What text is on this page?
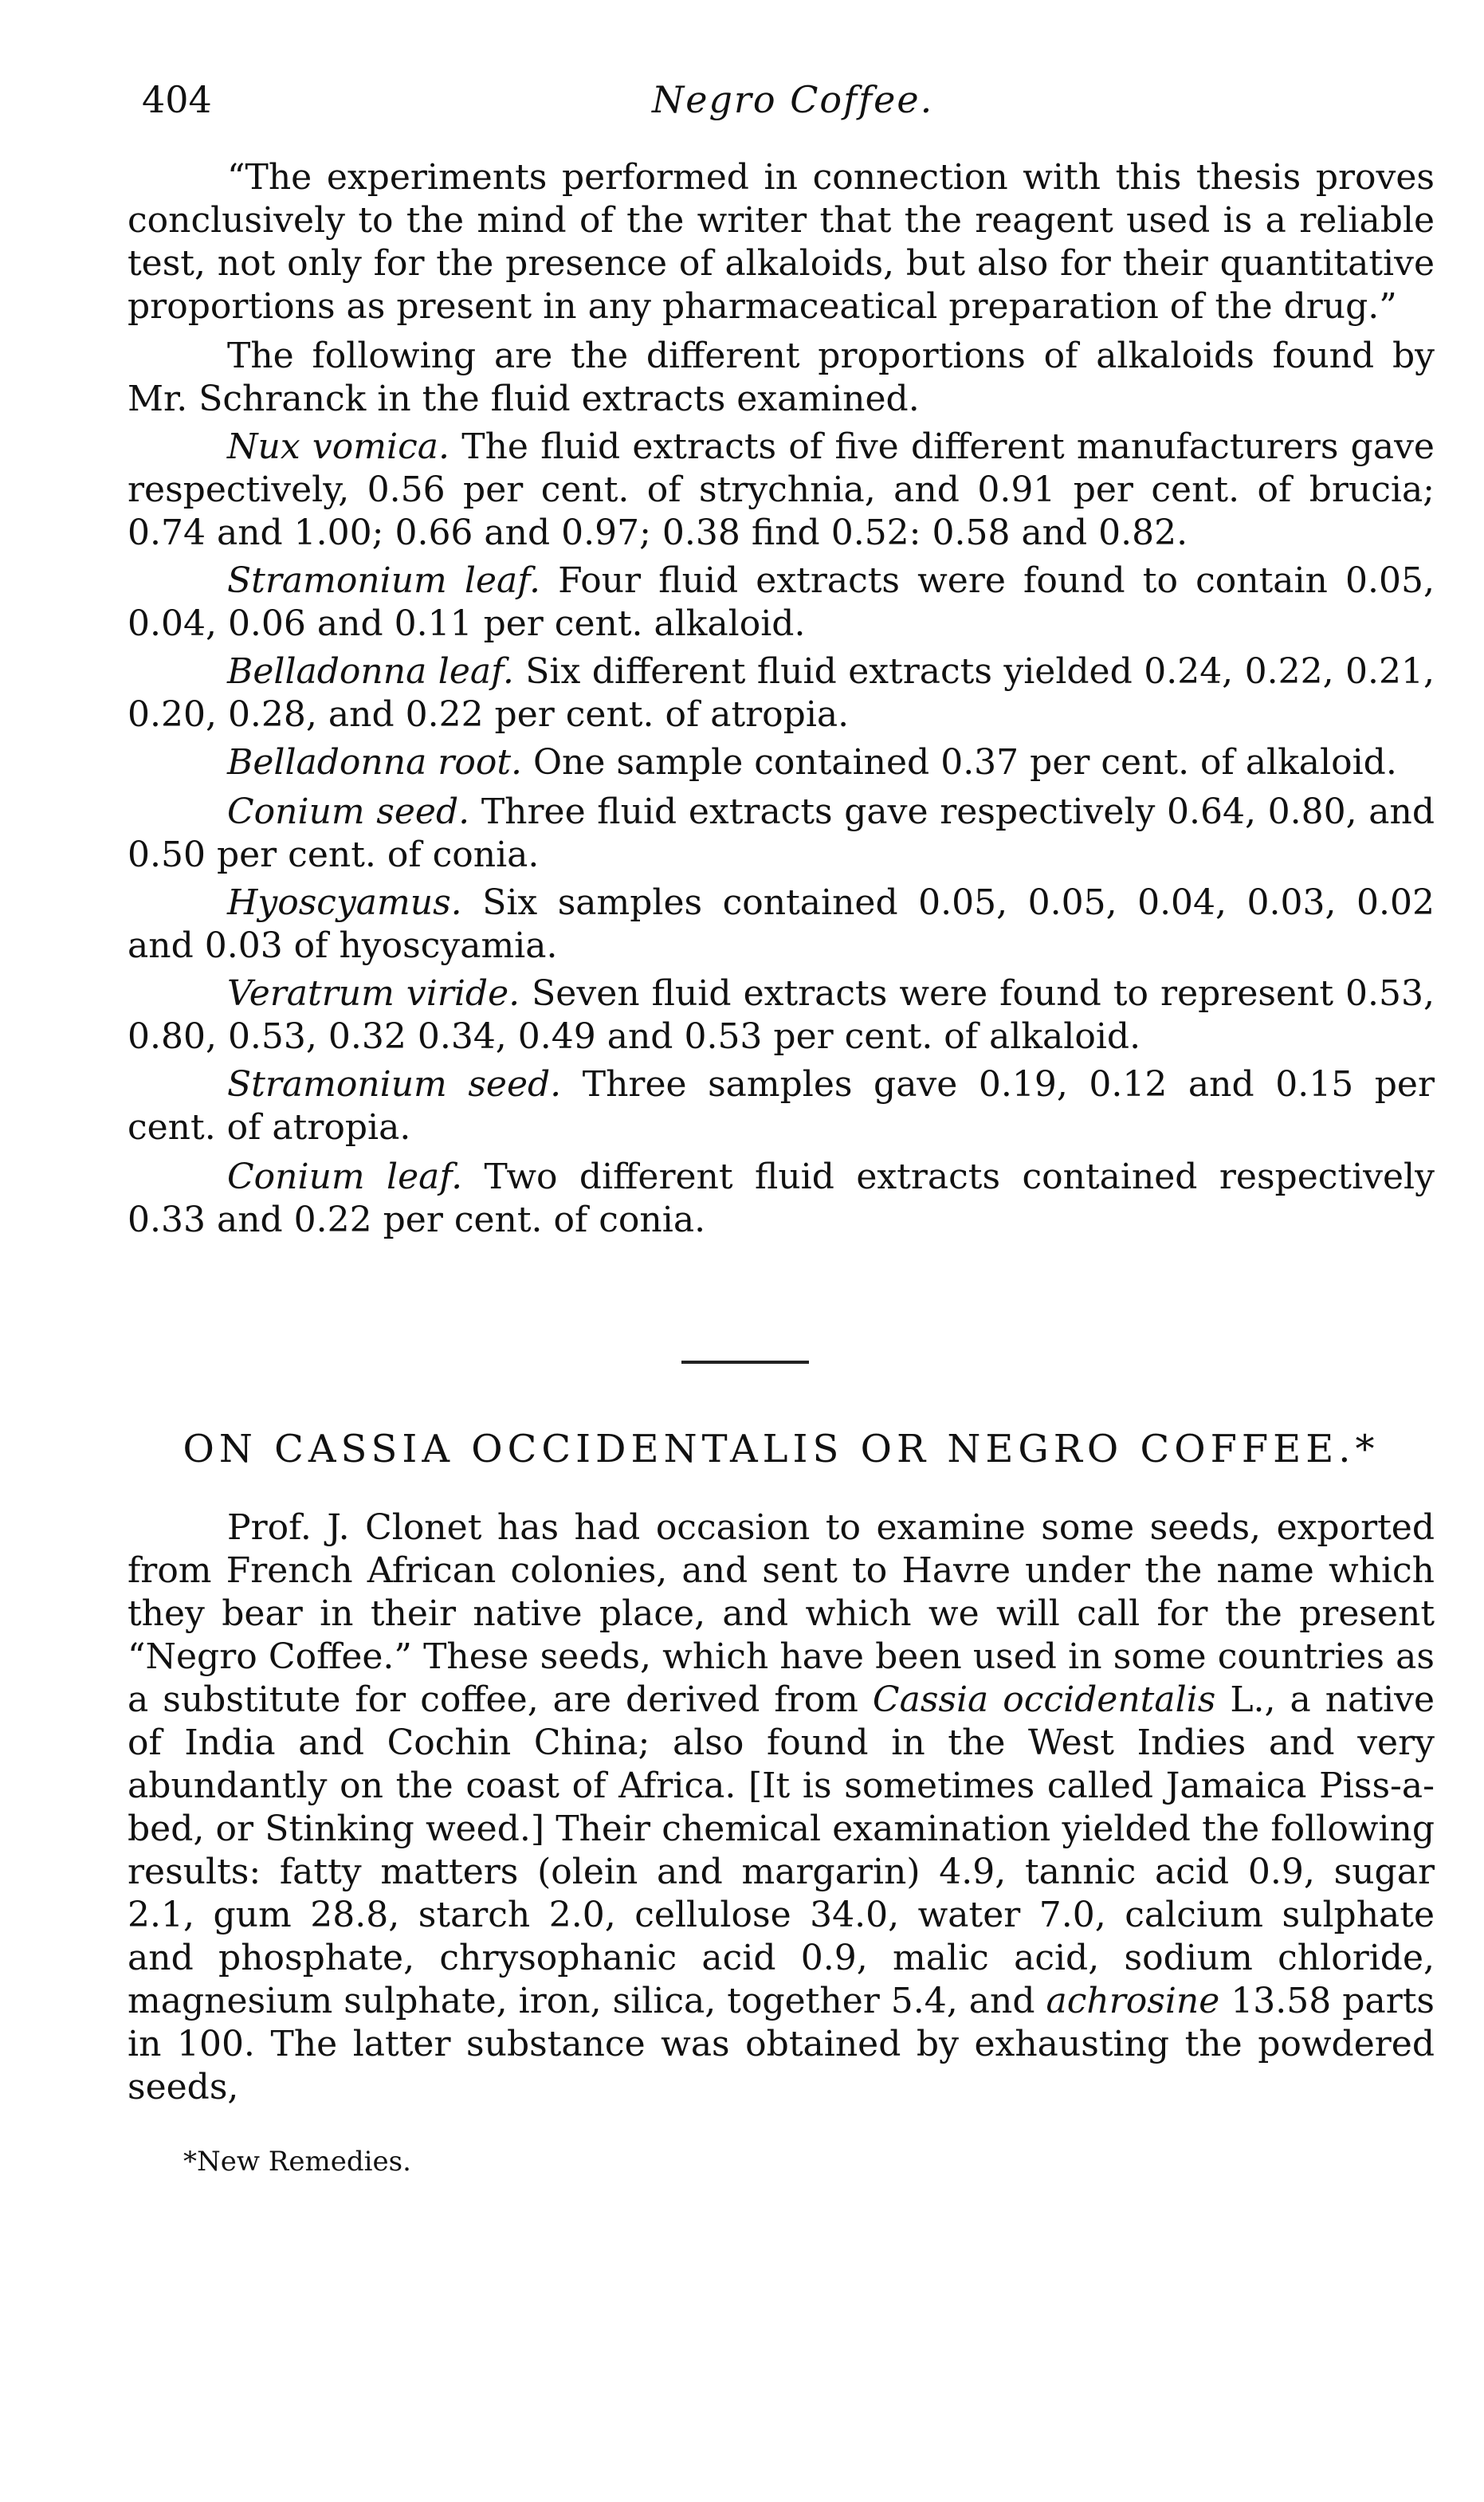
404	Negro Coffee.

“The experiments performed in connection with this thesis proves conclusively to the mind of the writer that the reagent used is a reliable test, not only for the presence of alkaloids, but also for their quantitative proportions as present in any pharmaceatical preparation of the drug.”

The following are the different proportions of alkaloids found by Mr. Schranck in the fluid extracts examined.

Nux vomica. The fluid extracts of five different manufacturers gave respectively, 0.56 per cent. of strychnia, and 0.91 per cent. of brucia; 0.74 and 1.00; 0.66 and 0.97; 0.38 find 0.52: 0.58 and 0.82.

Stramonium leaf. Four fluid extracts were found to contain 0.05, 0.04, 0.06 and 0.11 per cent. alkaloid.

Belladonna leaf. Six different fluid extracts yielded 0.24, 0.22, 0.21, 0.20, 0.28, and 0.22 per cent. of atropia.

Belladonna root. One sample contained 0.37 per cent. of alkaloid.

Conium seed. Three fluid extracts gave respectively 0.64, 0.80, and 0.50 per cent. of conia.

Hyoscyamus. Six samples contained 0.05, 0.05, 0.04, 0.03, 0.02 and 0.03 of hyoscyamia.

Veratrum viride. Seven fluid extracts were found to represent 0.53, 0.80, 0.53, 0.32 0.34, 0.49 and 0.53 per cent. of alkaloid.

Stramonium seed. Three samples gave 0.19, 0.12 and 0.15 per cent. of atropia.

Conium leaf. Two different fluid extracts contained respectively 0.33 and 0.22 per cent. of conia.

ON CASSIA OCCIDENTALIS OR NEGRO COFFEE.*

Prof. J. Clonet has had occasion to examine some seeds, exported from French African colonies, and sent to Havre under the name which they bear in their native place, and which we will call for the present “Negro Coffee.” These seeds, which have been used in some countries as a substitute for coffee, are derived from Cassia occidentalis L., a native of India and Cochin China; also found in the West Indies and very abundantly on the coast of Africa. [It is sometimes called Jamaica Piss-a-bed, or Stinking weed.] Their chemical examination yielded the following results: fatty matters (olein and margarin) 4.9, tannic acid 0.9, sugar 2.1, gum 28.8, starch 2.0, cellulose 34.0, water 7.0, calcium sulphate and phosphate, chrysophanic acid 0.9, malic acid, sodium chloride, magnesium sulphate, iron, silica, together 5.4, and achrosine 13.58 parts in 100. The latter substance was obtained by exhausting the powdered seeds,

*New Remedies.
